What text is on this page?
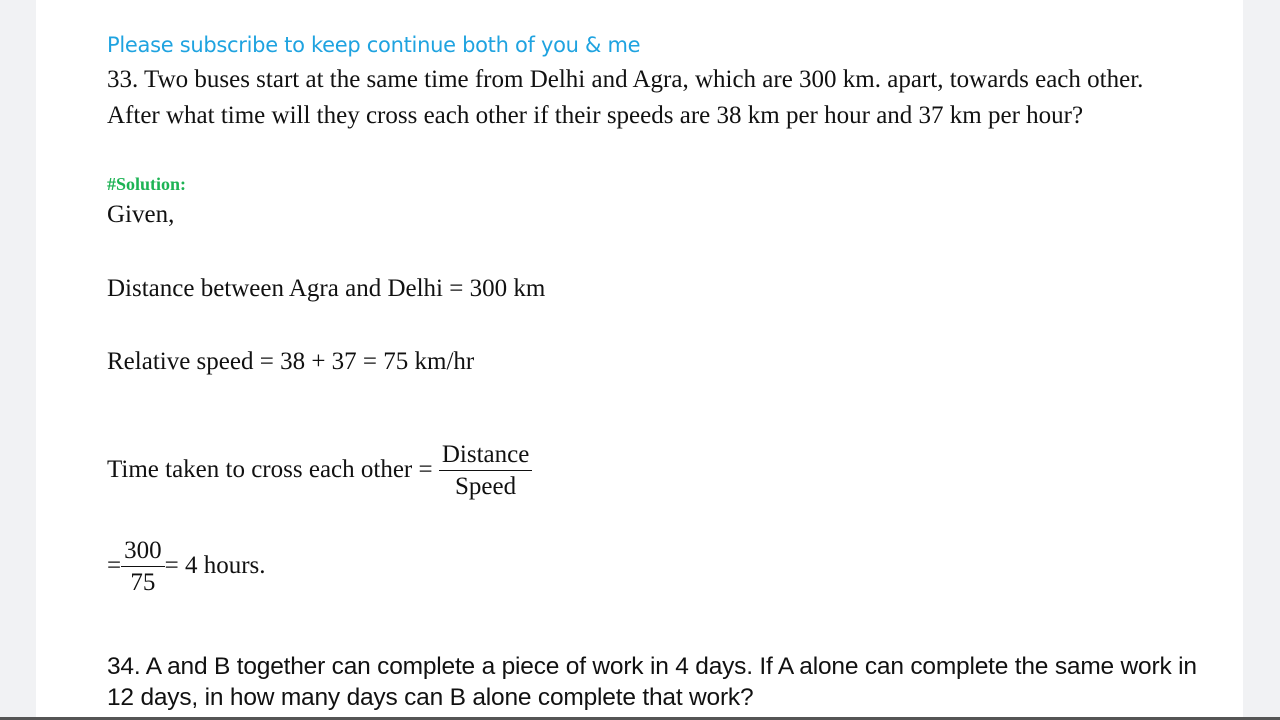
Please subscribe to keep continue both of you & me
33. Two buses start at the same time from Delhi and Agra, which are 300 km. apart, towards each other. After what time will they cross each other if their speeds are 38 km per hour and 37 km per hour?
#Solution:
Given,
Distance between Agra and Delhi = 300 km
Relative speed = 38 + 37 = 75 km/hr
Time taken to cross each other = $\frac{\text{Distance}}{\text{Speed}}$
= $\frac{300}{75} = 4$ hours.
34. A and B together can complete a piece of work in 4 days. If A alone can complete the same work in 12 days, in how many days can B alone complete that work?
